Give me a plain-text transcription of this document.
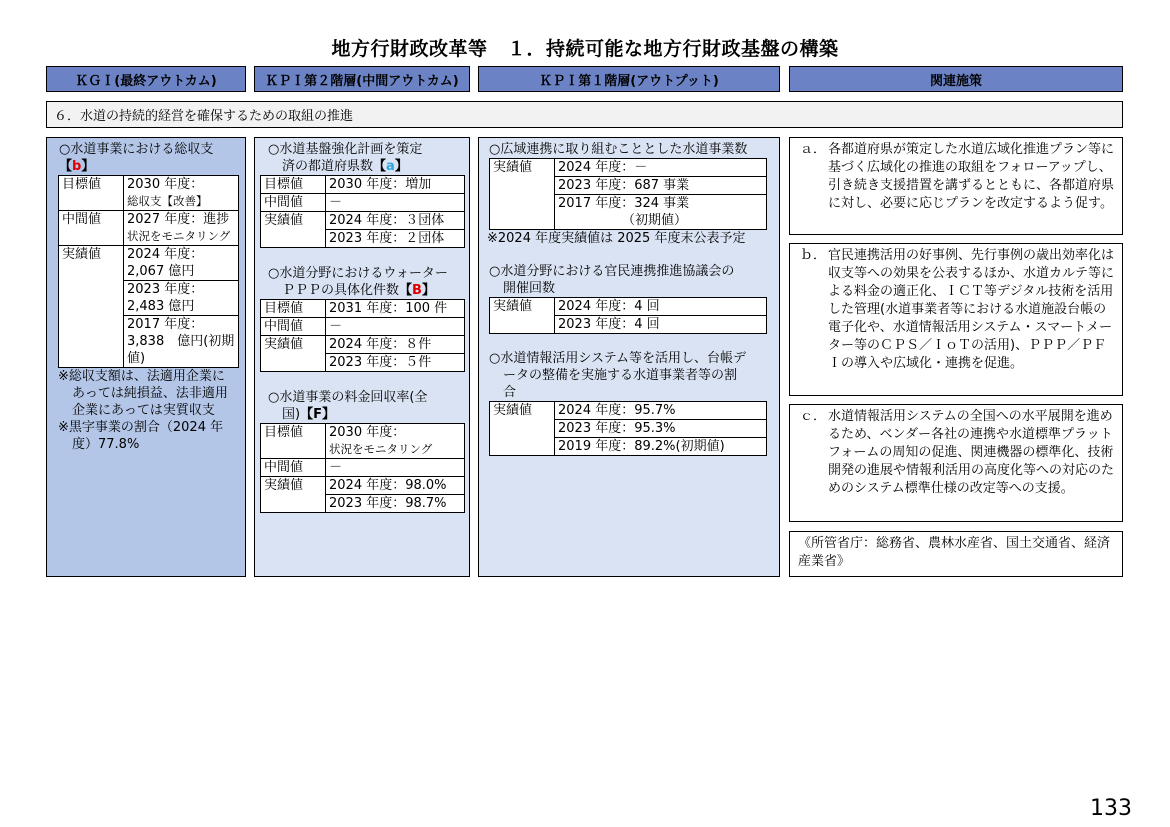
地方行財政改革等　１．持続可能な地方行財政基盤の構築
ＫＧＩ(最終アウトカム)	ＫＰＩ第２階層(中間アウトカム)	ＫＰＩ第１階層(アウトプット)	関連施策
６．水道の持続的経営を確保するための取組の推進
○水道事業における総収支
【b】
目標値	2030 年度：
総収支【改善】

中間値	2027 年度：進捗
状況をモニタリング

実績値	2024 年度：
2,067 億円

	2023 年度：
2,483 億円

	2017 年度：
3,838　億円(初期
値)
※総収支額は、法適用企業に
あっては純損益、法非適用
企業にあっては実質収支
※黒字事業の割合（2024 年
度）77.8%
○水道基盤強化計画を策定
済の都道府県数【a】
目標値	2030 年度：増加
中間値	－
実績値	2024 年度：３団体
	2023 年度：２団体
○水道分野におけるウォーター
ＰＰＰの具体化件数【B】
目標値	2031 年度：100 件
中間値	－
実績値	2024 年度：８件
	2023 年度：５件
○水道事業の料金回収率(全
国)【F】
目標値	2030 年度：
状況をモニタリング

中間値	－
実績値	2024 年度：98.0%
	2023 年度：98.7%
○広域連携に取り組むこととした水道事業数
実績値	2024 年度：－
2023 年度：687 事業

2017 年度：324 事業
（初期値）
※2024 年度実績値は 2025 年度末公表予定
○水道分野における官民連携推進協議会の
開催回数
実績値	2024 年度：4 回
2023 年度：4 回
○水道情報活用システム等を活用し、台帳デ
ータの整備を実施する水道事業者等の割
合
実績値	2024 年度：95.7%
2023 年度：95.3%
2019 年度：89.2%(初期値)
ａ． 各都道府県が策定した水道広域化推進プラン等に基づく広域化の推進の取組をフォローアップし、引き続き支援措置を講ずるとともに、各都道府県に対し、必要に応じプランを改定するよう促す。
ｂ． 官民連携活用の好事例、先行事例の歳出効率化は収支等への効果を公表するほか、水道カルテ等による料金の適正化、ＩＣＴ等デジタル技術を活用した管理(水道事業者等における水道施設台帳の電子化や、水道情報活用システム・スマートメーター等のＣＰＳ／ＩｏＴの活用)、ＰＰＰ／ＰＦＩの導入や広域化・連携を促進。
ｃ． 水道情報活用システムの全国への水平展開を進めるため、ベンダー各社の連携や水道標準プラットフォームの周知の促進、関連機器の標準化、技術開発の進展や情報利活用の高度化等への対応のためのシステム標準仕様の改定等への支援。
《所管省庁：総務省、農林水産省、国土交通省、経済産業省》
133
